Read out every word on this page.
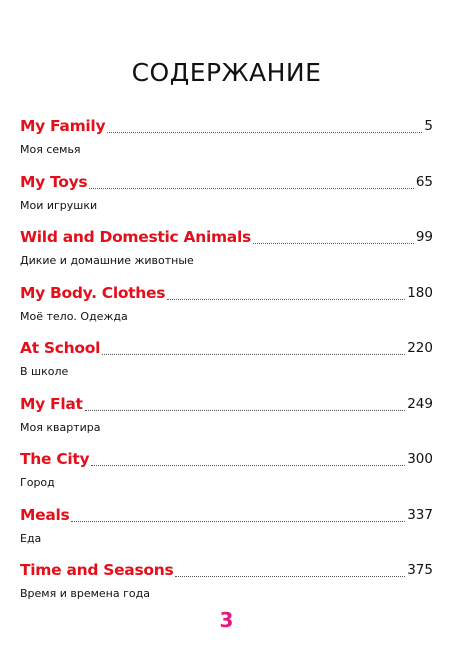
СОДЕРЖАНИЕ
My Family	5
Моя семья
My Toys	65
Мои игрушки
Wild and Domestic Animals	99
Дикие и домашние животные
My Body. Clothes	180
Моё тело. Одежда
At School	220
В школе
My Flat	249
Моя квартира
The City	300
Город
Meals	337
Еда
Time and Seasons	375
Время и времена года
3
